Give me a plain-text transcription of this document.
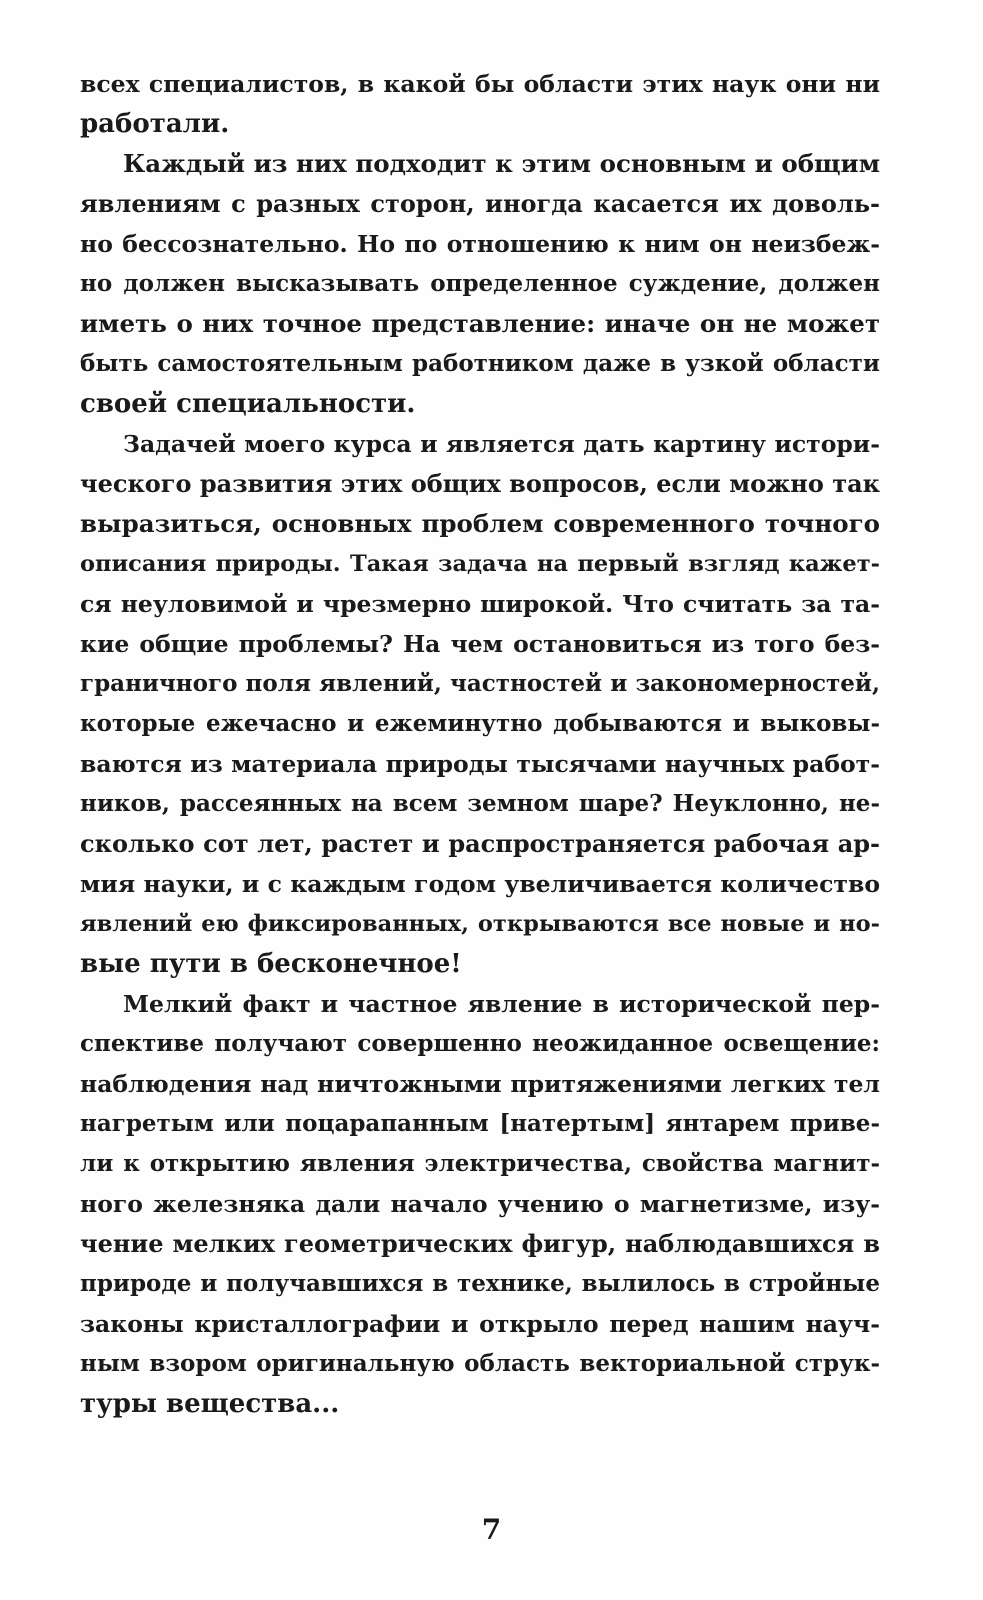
всех специалистов, в какой бы области этих наук они ни
работали.
Каждый из них подходит к этим основным и общим
явлениям с разных сторон, иногда касается их доволь-
но бессознательно. Но по отношению к ним он неизбеж-
но должен высказывать определенное суждение, должен
иметь о них точное представление: иначе он не может
быть самостоятельным работником даже в узкой области
своей специальности.
Задачей моего курса и является дать картину истори-
ческого развития этих общих вопросов, если можно так
выразиться, основных проблем современного точного
описания природы. Такая задача на первый взгляд кажет-
ся неуловимой и чрезмерно широкой. Что считать за та-
кие общие проблемы? На чем остановиться из того без-
граничного поля явлений, частностей и закономерностей,
которые ежечасно и ежеминутно добываются и выковы-
ваются из материала природы тысячами научных работ-
ников, рассеянных на всем земном шаре? Неуклонно, не-
сколько сот лет, растет и распространяется рабочая ар-
мия науки, и с каждым годом увеличивается количество
явлений ею фиксированных, открываются все новые и но-
вые пути в бесконечное!
Мелкий факт и частное явление в исторической пер-
спективе получают совершенно неожиданное освещение:
наблюдения над ничтожными притяжениями легких тел
нагретым или поцарапанным [натертым] янтарем приве-
ли к открытию явления электричества, свойства магнит-
ного железняка дали начало учению о магнетизме, изу-
чение мелких геометрических фигур, наблюдавшихся в
природе и получавшихся в технике, вылилось в стройные
законы кристаллографии и открыло перед нашим науч-
ным взором оригинальную область векториальной струк-
туры вещества...
7
